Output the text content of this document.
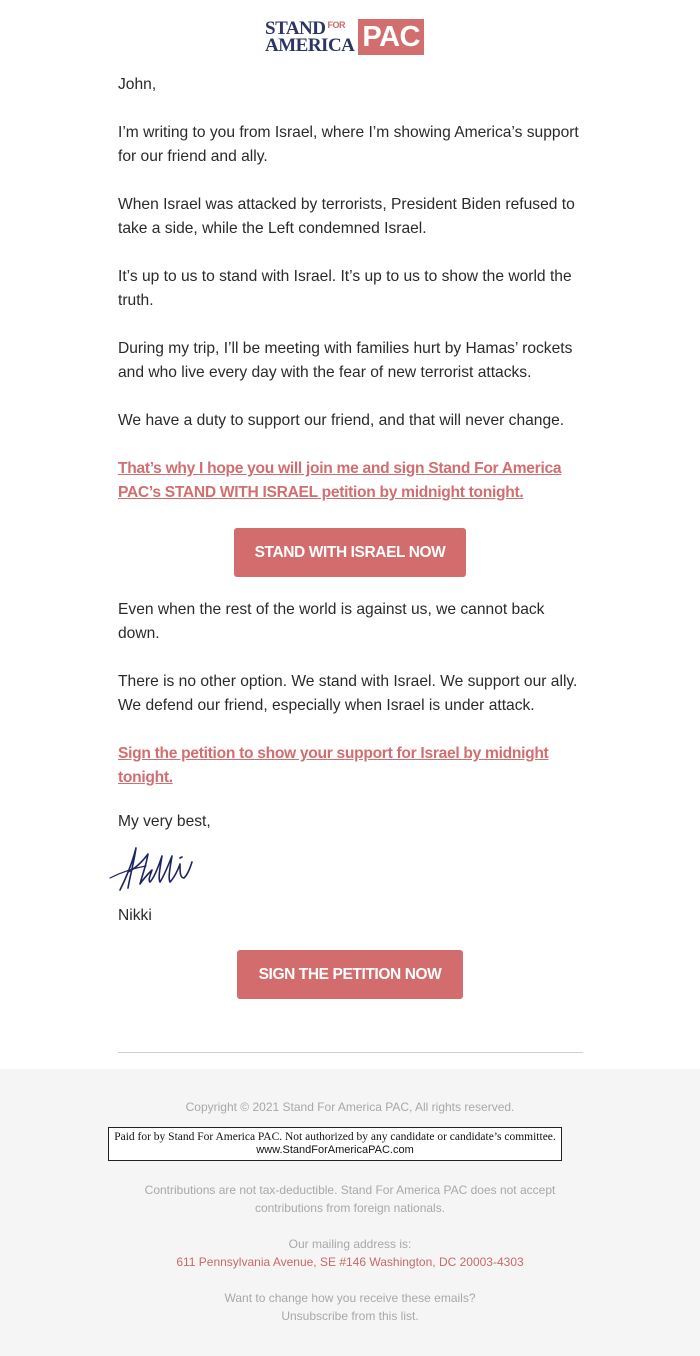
STAND FOR
AMERICA PAC

John,

I’m writing to you from Israel, where I’m showing America’s support for our friend and ally.

When Israel was attacked by terrorists, President Biden refused to take a side, while the Left condemned Israel.

It’s up to us to stand with Israel. It’s up to us to show the world the truth.

During my trip, I’ll be meeting with families hurt by Hamas’ rockets and who live every day with the fear of new terrorist attacks.

We have a duty to support our friend, and that will never change.

That’s why I hope you will join me and sign Stand For America PAC’s STAND WITH ISRAEL petition by midnight tonight.

STAND WITH ISRAEL NOW

Even when the rest of the world is against us, we cannot back down.

There is no other option. We stand with Israel. We support our ally. We defend our friend, especially when Israel is under attack.

Sign the petition to show your support for Israel by midnight tonight.

My very best,

Nikki

SIGN THE PETITION NOW
Copyright © 2021 Stand For America PAC, All rights reserved.
Paid for by Stand For America PAC. Not authorized by any candidate or candidate’s committee.
www.StandForAmericaPAC.com
Contributions are not tax-deductible. Stand For America PAC does not accept contributions from foreign nationals.
Our mailing address is:
611 Pennsylvania Avenue, SE #146 Washington, DC 20003-4303
Want to change how you receive these emails?
Unsubscribe from this list.
